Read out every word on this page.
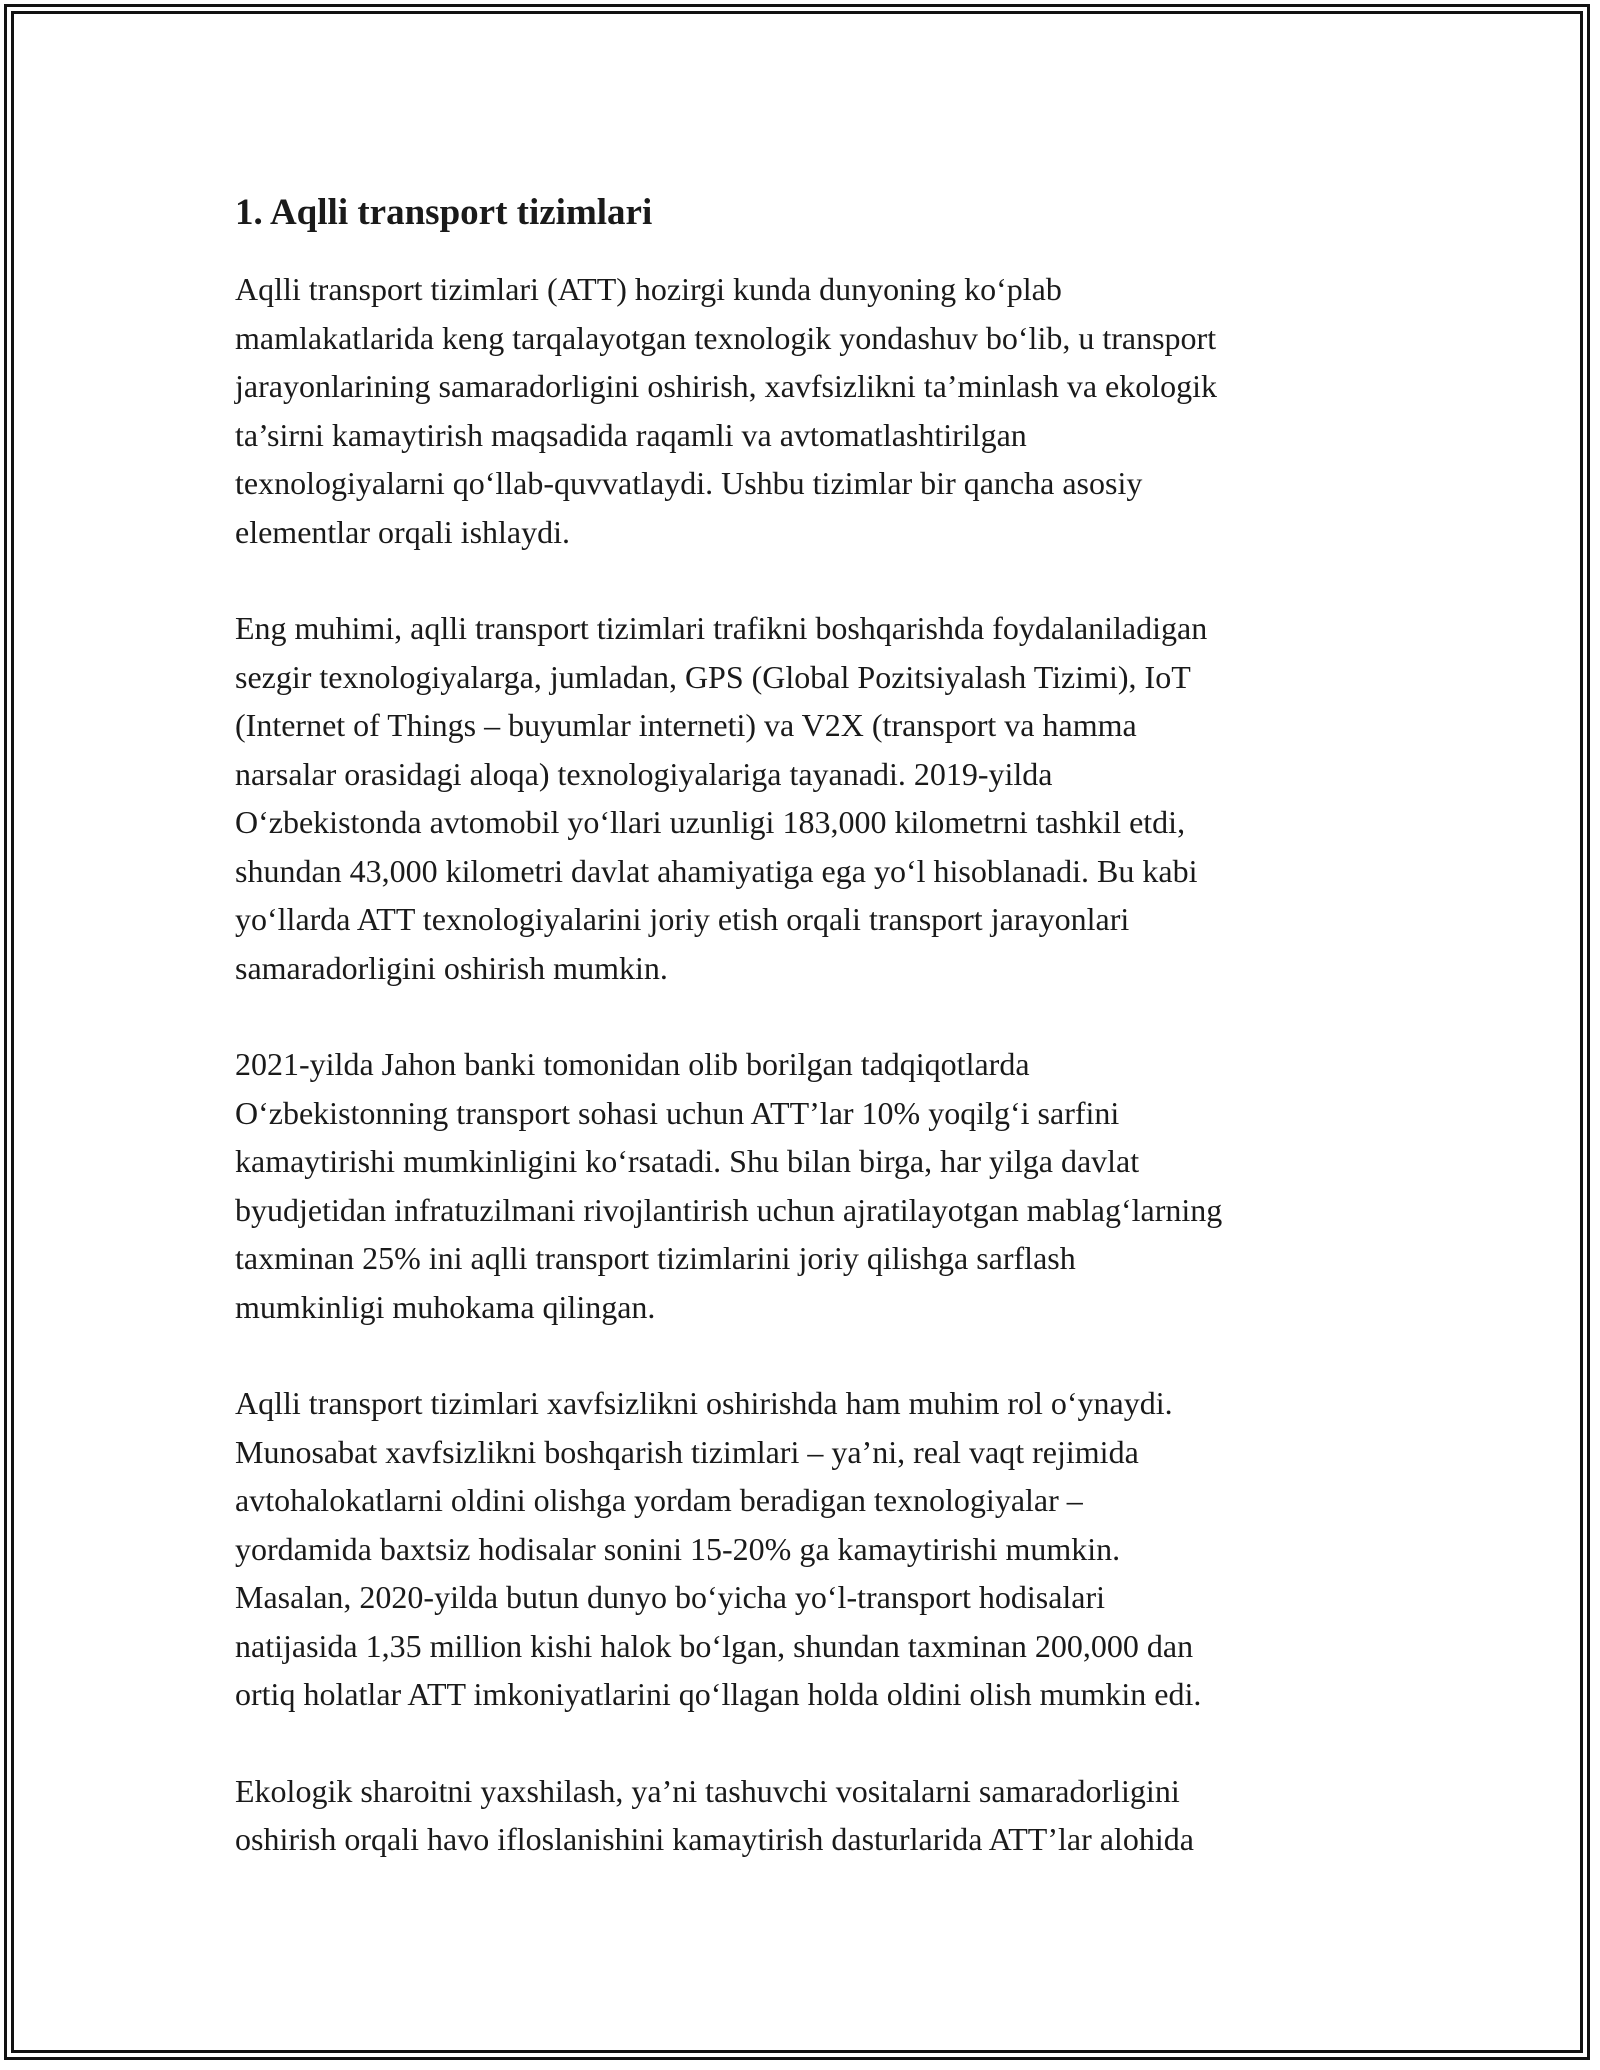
1. Aqlli transport tizimlari

Aqlli transport tizimlari (ATT) hozirgi kunda dunyoning ko‘plab
mamlakatlarida keng tarqalayotgan texnologik yondashuv bo‘lib, u transport
jarayonlarining samaradorligini oshirish, xavfsizlikni ta’minlash va ekologik
ta’sirni kamaytirish maqsadida raqamli va avtomatlashtirilgan
texnologiyalarni qo‘llab-quvvatlaydi. Ushbu tizimlar bir qancha asosiy
elementlar orqali ishlaydi.

Eng muhimi, aqlli transport tizimlari trafikni boshqarishda foydalaniladigan
sezgir texnologiyalarga, jumladan, GPS (Global Pozitsiyalash Tizimi), IoT
(Internet of Things – buyumlar interneti) va V2X (transport va hamma
narsalar orasidagi aloqa) texnologiyalariga tayanadi. 2019-yilda
O‘zbekistonda avtomobil yo‘llari uzunligi 183,000 kilometrni tashkil etdi,
shundan 43,000 kilometri davlat ahamiyatiga ega yo‘l hisoblanadi. Bu kabi
yo‘llarda ATT texnologiyalarini joriy etish orqali transport jarayonlari
samaradorligini oshirish mumkin.

2021-yilda Jahon banki tomonidan olib borilgan tadqiqotlarda
O‘zbekistonning transport sohasi uchun ATT’lar 10% yoqilg‘i sarfini
kamaytirishi mumkinligini ko‘rsatadi. Shu bilan birga, har yilga davlat
byudjetidan infratuzilmani rivojlantirish uchun ajratilayotgan mablag‘larning
taxminan 25% ini aqlli transport tizimlarini joriy qilishga sarflash
mumkinligi muhokama qilingan.

Aqlli transport tizimlari xavfsizlikni oshirishda ham muhim rol o‘ynaydi.
Munosabat xavfsizlikni boshqarish tizimlari – ya’ni, real vaqt rejimida
avtohalokatlarni oldini olishga yordam beradigan texnologiyalar –
yordamida baxtsiz hodisalar sonini 15-20% ga kamaytirishi mumkin.
Masalan, 2020-yilda butun dunyo bo‘yicha yo‘l-transport hodisalari
natijasida 1,35 million kishi halok bo‘lgan, shundan taxminan 200,000 dan
ortiq holatlar ATT imkoniyatlarini qo‘llagan holda oldini olish mumkin edi.

Ekologik sharoitni yaxshilash, ya’ni tashuvchi vositalarni samaradorligini
oshirish orqali havo ifloslanishini kamaytirish dasturlarida ATT’lar alohida
